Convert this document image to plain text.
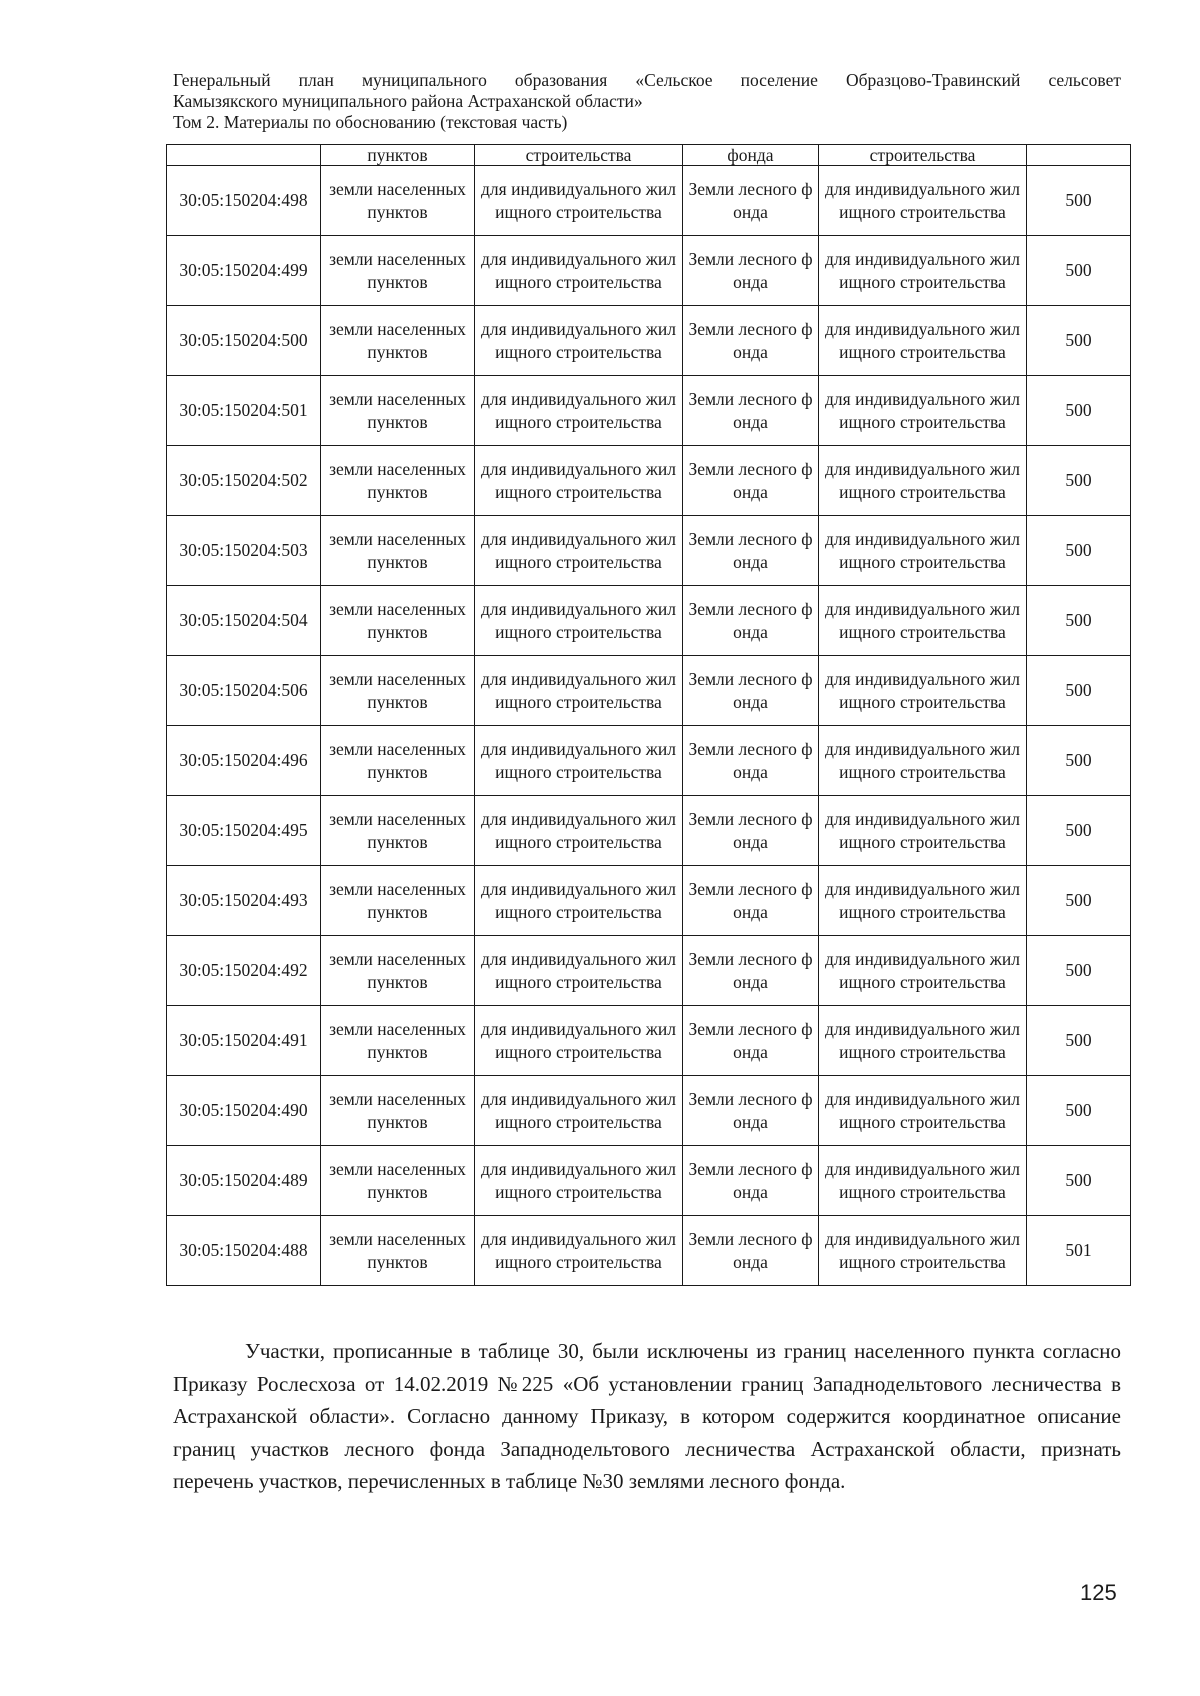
Генеральный план муниципального образования «Сельское поселение Образцово-Травинский сельсовет
Камызякского муниципального района Астраханской области»
Том 2. Материалы по обоснованию (текстовая часть)
	пунктов	строительства	фонда	строительства	
30:05:150204:498	земли населенных пунктов	для индивидуального жилищного строительства	Земли лесного фонда	для индивидуального жилищного строительства	500
30:05:150204:499	земли населенных пунктов	для индивидуального жилищного строительства	Земли лесного фонда	для индивидуального жилищного строительства	500
30:05:150204:500	земли населенных пунктов	для индивидуального жилищного строительства	Земли лесного фонда	для индивидуального жилищного строительства	500
30:05:150204:501	земли населенных пунктов	для индивидуального жилищного строительства	Земли лесного фонда	для индивидуального жилищного строительства	500
30:05:150204:502	земли населенных пунктов	для индивидуального жилищного строительства	Земли лесного фонда	для индивидуального жилищного строительства	500
30:05:150204:503	земли населенных пунктов	для индивидуального жилищного строительства	Земли лесного фонда	для индивидуального жилищного строительства	500
30:05:150204:504	земли населенных пунктов	для индивидуального жилищного строительства	Земли лесного фонда	для индивидуального жилищного строительства	500
30:05:150204:506	земли населенных пунктов	для индивидуального жилищного строительства	Земли лесного фонда	для индивидуального жилищного строительства	500
30:05:150204:496	земли населенных пунктов	для индивидуального жилищного строительства	Земли лесного фонда	для индивидуального жилищного строительства	500
30:05:150204:495	земли населенных пунктов	для индивидуального жилищного строительства	Земли лесного фонда	для индивидуального жилищного строительства	500
30:05:150204:493	земли населенных пунктов	для индивидуального жилищного строительства	Земли лесного фонда	для индивидуального жилищного строительства	500
30:05:150204:492	земли населенных пунктов	для индивидуального жилищного строительства	Земли лесного фонда	для индивидуального жилищного строительства	500
30:05:150204:491	земли населенных пунктов	для индивидуального жилищного строительства	Земли лесного фонда	для индивидуального жилищного строительства	500
30:05:150204:490	земли населенных пунктов	для индивидуального жилищного строительства	Земли лесного фонда	для индивидуального жилищного строительства	500
30:05:150204:489	земли населенных пунктов	для индивидуального жилищного строительства	Земли лесного фонда	для индивидуального жилищного строительства	500
30:05:150204:488	земли населенных пунктов	для индивидуального жилищного строительства	Земли лесного фонда	для индивидуального жилищного строительства	501
Участки, прописанные в таблице 30, были исключены из границ населенного пункта согласно Приказу Рослесхоза от 14.02.2019 №225 «Об установлении границ Западнодельтового лесничества в Астраханской области». Согласно данному Приказу, в котором содержится координатное описание границ участков лесного фонда Западнодельтового лесничества Астраханской области, признать перечень участков, перечисленных в таблице №30 землями лесного фонда.
125
